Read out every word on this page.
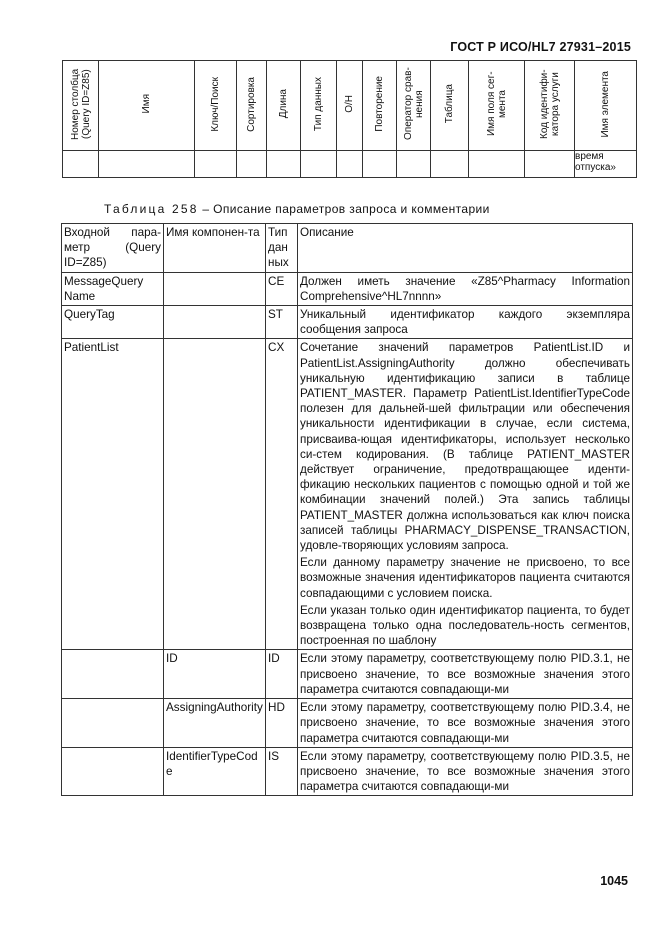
ГОСТ Р ИСО/HL7 27931–2015
Номер столбца (Query ID=Z85)	Имя	Ключ/Поиск	Сортировка	Длина	Тип данных	О/Н	Повторение	Оператор срав-нения	Таблица	Имя поля сег-мента	Код идентифи-катора услуги	Имя элемента
												время отпуска»
Таблица 258 – Описание параметров запроса и комментарии
Входной пара-метр (Query ID=Z85)	Имя компонен-та	Тип дан ных	Описание
MessageQuery Name		CE	Должен иметь значение «Z85^Pharmacy Information Comprehensive^HL7nnnn»

QueryTag		ST	Уникальный идентификатор каждого экземпляра сообщения запроса

PatientList		CX	Сочетание значений параметров PatientList.ID и PatientList.AssigningAuthority должно обеспечивать уникальную идентификацию записи в таблице PATIENT_MASTER. Параметр PatientList.IdentifierTypeCode полезен для дальней-шей фильтрации или обеспечения уникальности идентификации в случае, если система, присваива-ющая идентификаторы, использует несколько си-стем кодирования. (В таблице PATIENT_MASTER действует ограничение, предотвращающее иденти-фикацию нескольких пациентов с помощью одной и той же комбинации значений полей.) Эта запись таблицы PATIENT_MASTER должна использоваться как ключ поиска записей таблицы PHARMACY_DISPENSE_TRANSACTION, удовле-творяющих условиям запроса.

Если данному параметру значение не присвоено, то все возможные значения идентификаторов пациента считаются совпадающими с условием поиска.

Если указан только один идентификатор пациента, то будет возвращена только одна последователь-ность сегментов, построенная по шаблону

	ID	ID	Если этому параметру, соответствующему полю PID.3.1, не присвоено значение, то все возможные значения этого параметра считаются совпадающи-ми

	AssigningAuthority	HD	Если этому параметру, соответствующему полю PID.3.4, не присвоено значение, то все возможные значения этого параметра считаются совпадающи-ми

	IdentifierTypeCode	IS	Если этому параметру, соответствующему полю PID.3.5, не присвоено значение, то все возможные значения этого параметра считаются совпадающи-ми

1045
